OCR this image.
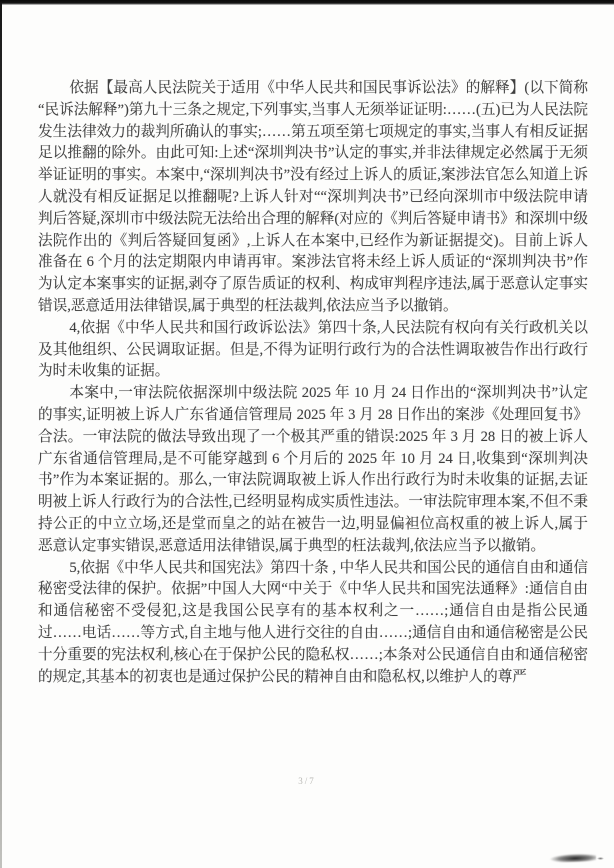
依据【最高人民法院关于适用《中华人民共和国民事诉讼法》的解释】(以下简称“民诉法解释”)第九十三条之规定,下列事实,当事人无须举证证明:……(五)已为人民法院发生法律效力的裁判所确认的事实;……第五项至第七项规定的事实,当事人有相反证据足以推翻的除外。由此可知:上述“深圳判决书”认定的事实,并非法律规定必然属于无须举证证明的事实。本案中,“深圳判决书”没有经过上诉人的质证,案涉法官怎么知道上诉人就没有相反证据足以推翻呢?上诉人针对““深圳判决书”已经向深圳市中级法院申请判后答疑,深圳市中级法院无法给出合理的解释(对应的《判后答疑申请书》和深圳中级法院作出的《判后答疑回复函》,上诉人在本案中,已经作为新证据提交)。目前上诉人准备在 6 个月的法定期限内申请再审。案涉法官将未经上诉人质证的“深圳判决书”作为认定本案事实的证据,剥夺了原告质证的权利、构成审判程序违法,属于恶意认定事实错误,恶意适用法律错误,属于典型的枉法裁判,依法应当予以撤销。

4,依据《中华人民共和国行政诉讼法》第四十条,人民法院有权向有关行政机关以及其他组织、公民调取证据。但是,不得为证明行政行为的合法性调取被告作出行政行为时未收集的证据。

本案中,一审法院依据深圳中级法院 2025 年 10 月 24 日作出的“深圳判决书”认定的事实,证明被上诉人广东省通信管理局 2025 年 3 月 28 日作出的案涉《处理回复书》合法。一审法院的做法导致出现了一个极其严重的错误:2025 年 3 月 28 日的被上诉人广东省通信管理局,是不可能穿越到 6 个月后的 2025 年 10 月 24 日,收集到“深圳判决书”作为本案证据的。那么,一审法院调取被上诉人作出行政行为时未收集的证据,去证明被上诉人行政行为的合法性,已经明显构成实质性违法。一审法院审理本案,不但不秉持公正的中立立场,还是堂而皇之的站在被告一边,明显偏袒位高权重的被上诉人,属于恶意认定事实错误,恶意适用法律错误,属于典型的枉法裁判,依法应当予以撤销。

5,依据《中华人民共和国宪法》第四十条 , 中华人民共和国公民的通信自由和通信秘密受法律的保护。依据”中国人大网“中关于《中华人民共和国宪法通释》:通信自由和通信秘密不受侵犯,这是我国公民享有的基本权利之一……;通信自由是指公民通过……电话……等方式,自主地与他人进行交往的自由……;通信自由和通信秘密是公民十分重要的宪法权利,核心在于保护公民的隐私权……;本条对公民通信自由和通信秘密的规定,其基本的初衷也是通过保护公民的精神自由和隐私权,以维护人的尊严

3/7
